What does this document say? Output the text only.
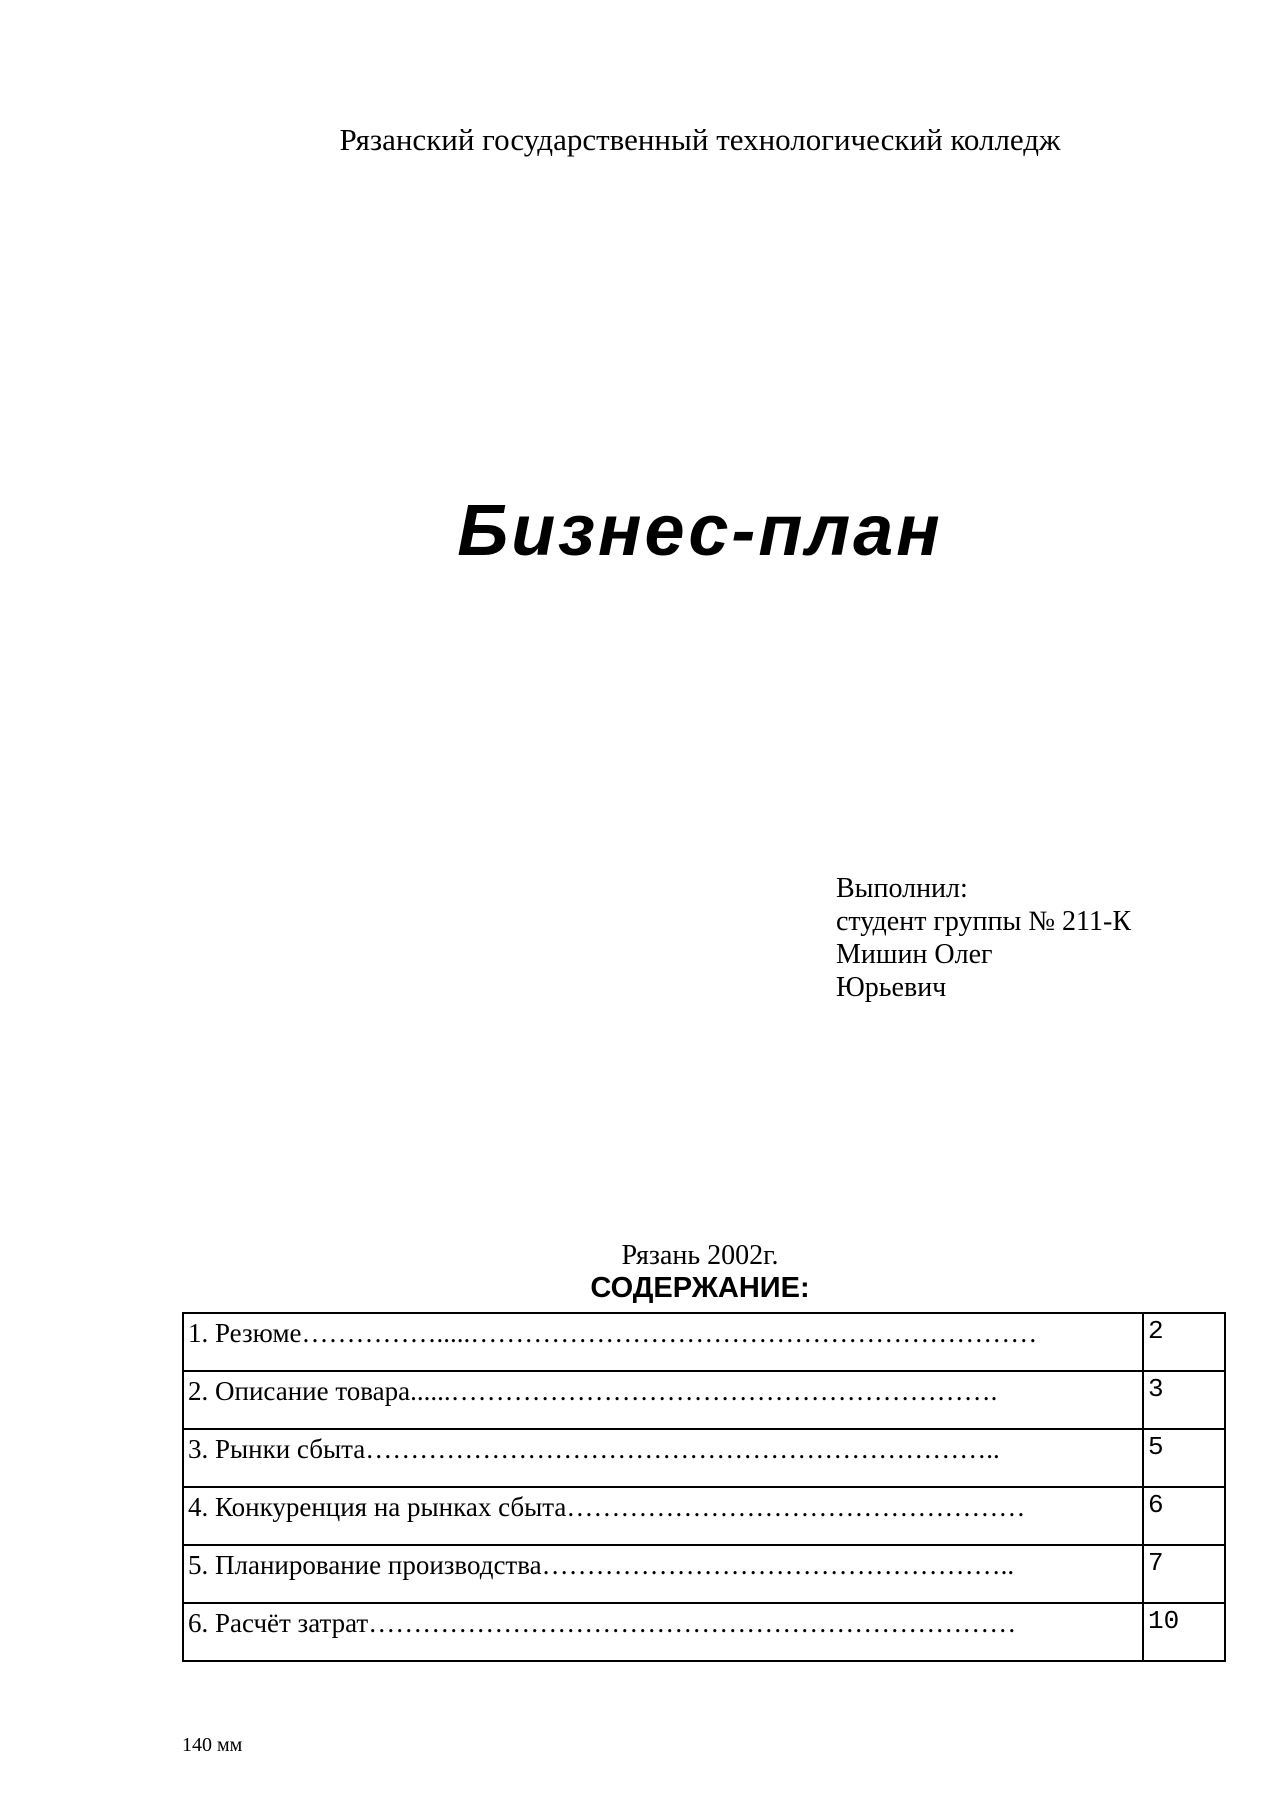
Рязанский государственный технологический колледж
Бизнес-план
Выполнил:
студент группы № 211-К
Мишин Олег
Юрьевич
Рязань 2002г.
СОДЕРЖАНИЕ:
1. Резюме…………….....………………………………………………………	2
2. Описание товара......…………………………………………………….	3
3. Рынки сбыта……………………………………………………………..	5
4. Конкуренция на рынках сбыта……………………………………………	6
5. Планирование производства……………………………………………..	7
6. Расчёт затрат………………………………………………………………	10
140 мм
